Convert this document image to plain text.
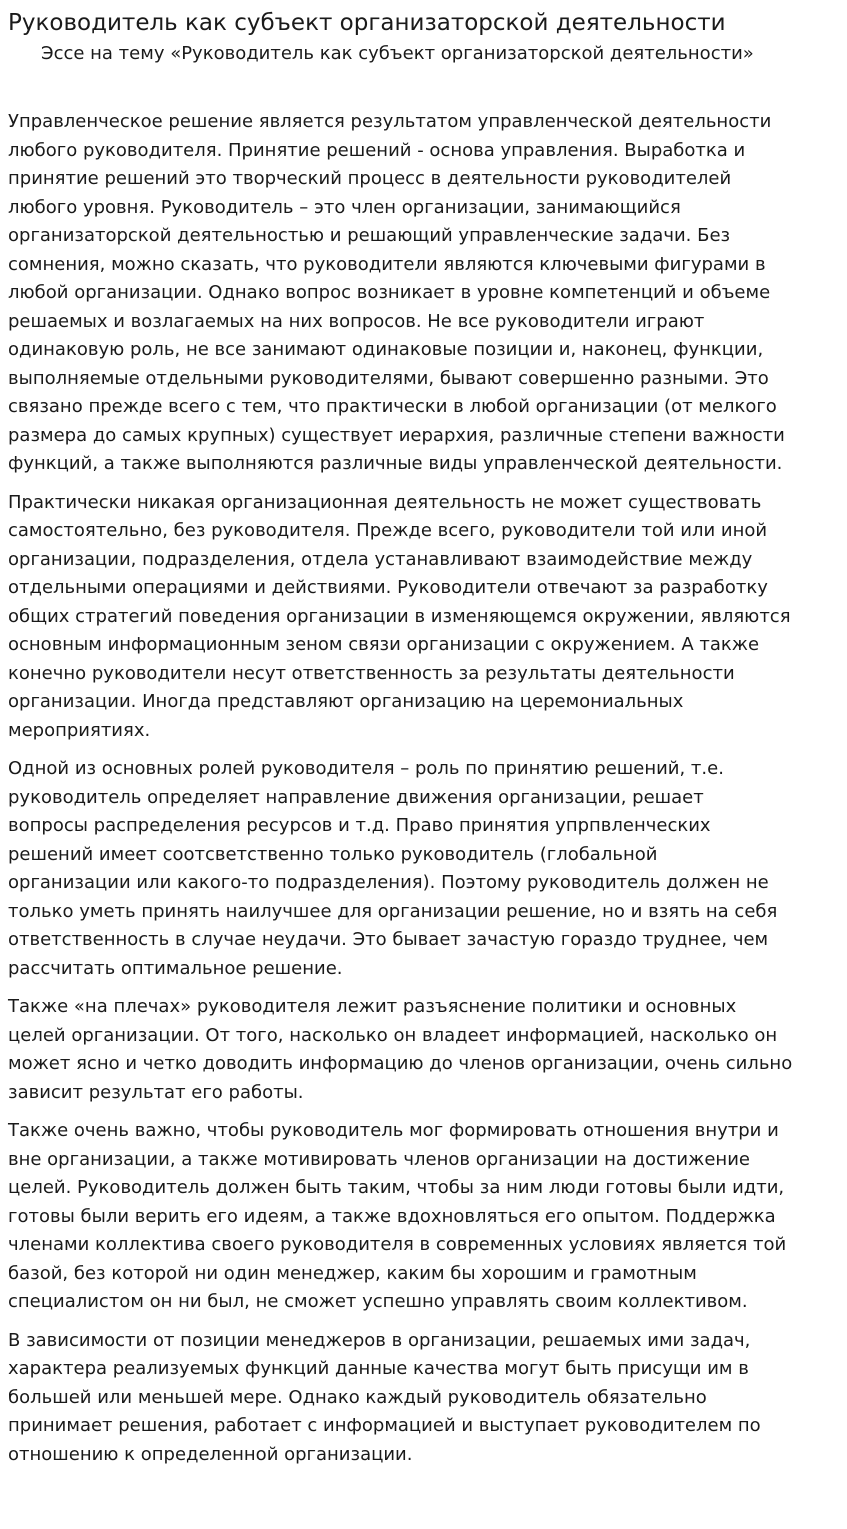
Руководитель как субъект организаторской деятельности
Эссе на тему «Руководитель как субъект организаторской деятельности»

Управленческое решение является результатом управленческой деятельности
любого руководителя. Принятие решений - основа управления. Выработка и
принятие решений это творческий процесс в деятельности руководителей
любого уровня. Руководитель – это член организации, занимающийся
организаторской деятельностью и решающий управленческие задачи. Без
сомнения, можно сказать, что руководители являются ключевыми фигурами в
любой организации. Однако вопрос возникает в уровне компетенций и объеме
решаемых и возлагаемых на них вопросов. Не все руководители играют
одинаковую роль, не все занимают одинаковые позиции и, наконец, функции,
выполняемые отдельными руководителями, бывают совершенно разными. Это
связано прежде всего с тем, что практически в любой организации (от мелкого
размера до самых крупных) существует иерархия, различные степени важности
функций, а также выполняются различные виды управленческой деятельности.

Практически никакая организационная деятельность не может существовать
самостоятельно, без руководителя. Прежде всего, руководители той или иной
организации, подразделения, отдела устанавливают взаимодействие между
отдельными операциями и действиями. Руководители отвечают за разработку
общих стратегий поведения организации в изменяющемся окружении, являются
основным информационным зеном связи организации с окружением. А также
конечно руководители несут ответственность за результаты деятельности
организации. Иногда представляют организацию на церемониальных
мероприятиях.

Одной из основных ролей руководителя – роль по принятию решений, т.е.
руководитель определяет направление движения организации, решает
вопросы распределения ресурсов и т.д. Право принятия упрпвленческих
решений имеет соотсветственно только руководитель (глобальной
организации или какого-то подразделения). Поэтому руководитель должен не
только уметь принять наилучшее для организации решение, но и взять на себя
ответственность в случае неудачи. Это бывает зачастую гораздо труднее, чем
рассчитать оптимальное решение.

Также «на плечах» руководителя лежит разъяснение политики и основных
целей организации. От того, насколько он владеет информацией, насколько он
может ясно и четко доводить информацию до членов организации, очень сильно
зависит результат его работы.

Также очень важно, чтобы руководитель мог формировать отношения внутри и
вне организации, а также мотивировать членов организации на достижение
целей. Руководитель должен быть таким, чтобы за ним люди готовы были идти,
готовы были верить его идеям, а также вдохновляться его опытом. Поддержка
членами коллектива своего руководителя в современных условиях является той
базой, без которой ни один менеджер, каким бы хорошим и грамотным
специалистом он ни был, не сможет успешно управлять своим коллективом.

В зависимости от позиции менеджеров в организации, решаемых ими задач,
характера реализуемых функций данные качества могут быть присущи им в
большей или меньшей мере. Однако каждый руководитель обязательно
принимает решения, работает с информацией и выступает руководителем по
отношению к определенной организации.
